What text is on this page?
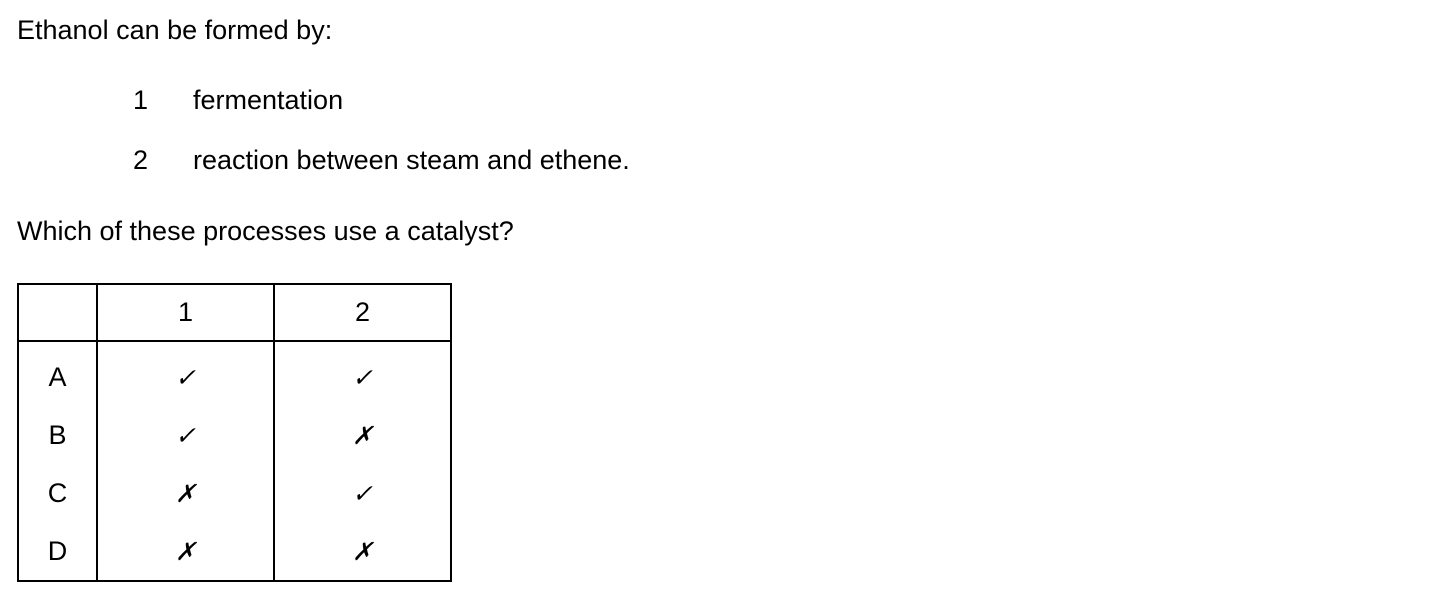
Ethanol can be formed by:

1 fermentation
2 reaction between steam and ethene.

Which of these processes use a catalyst?

	1	2
A	✓	✓
B	✓	✗
C	✗	✓
D	✗	✗
